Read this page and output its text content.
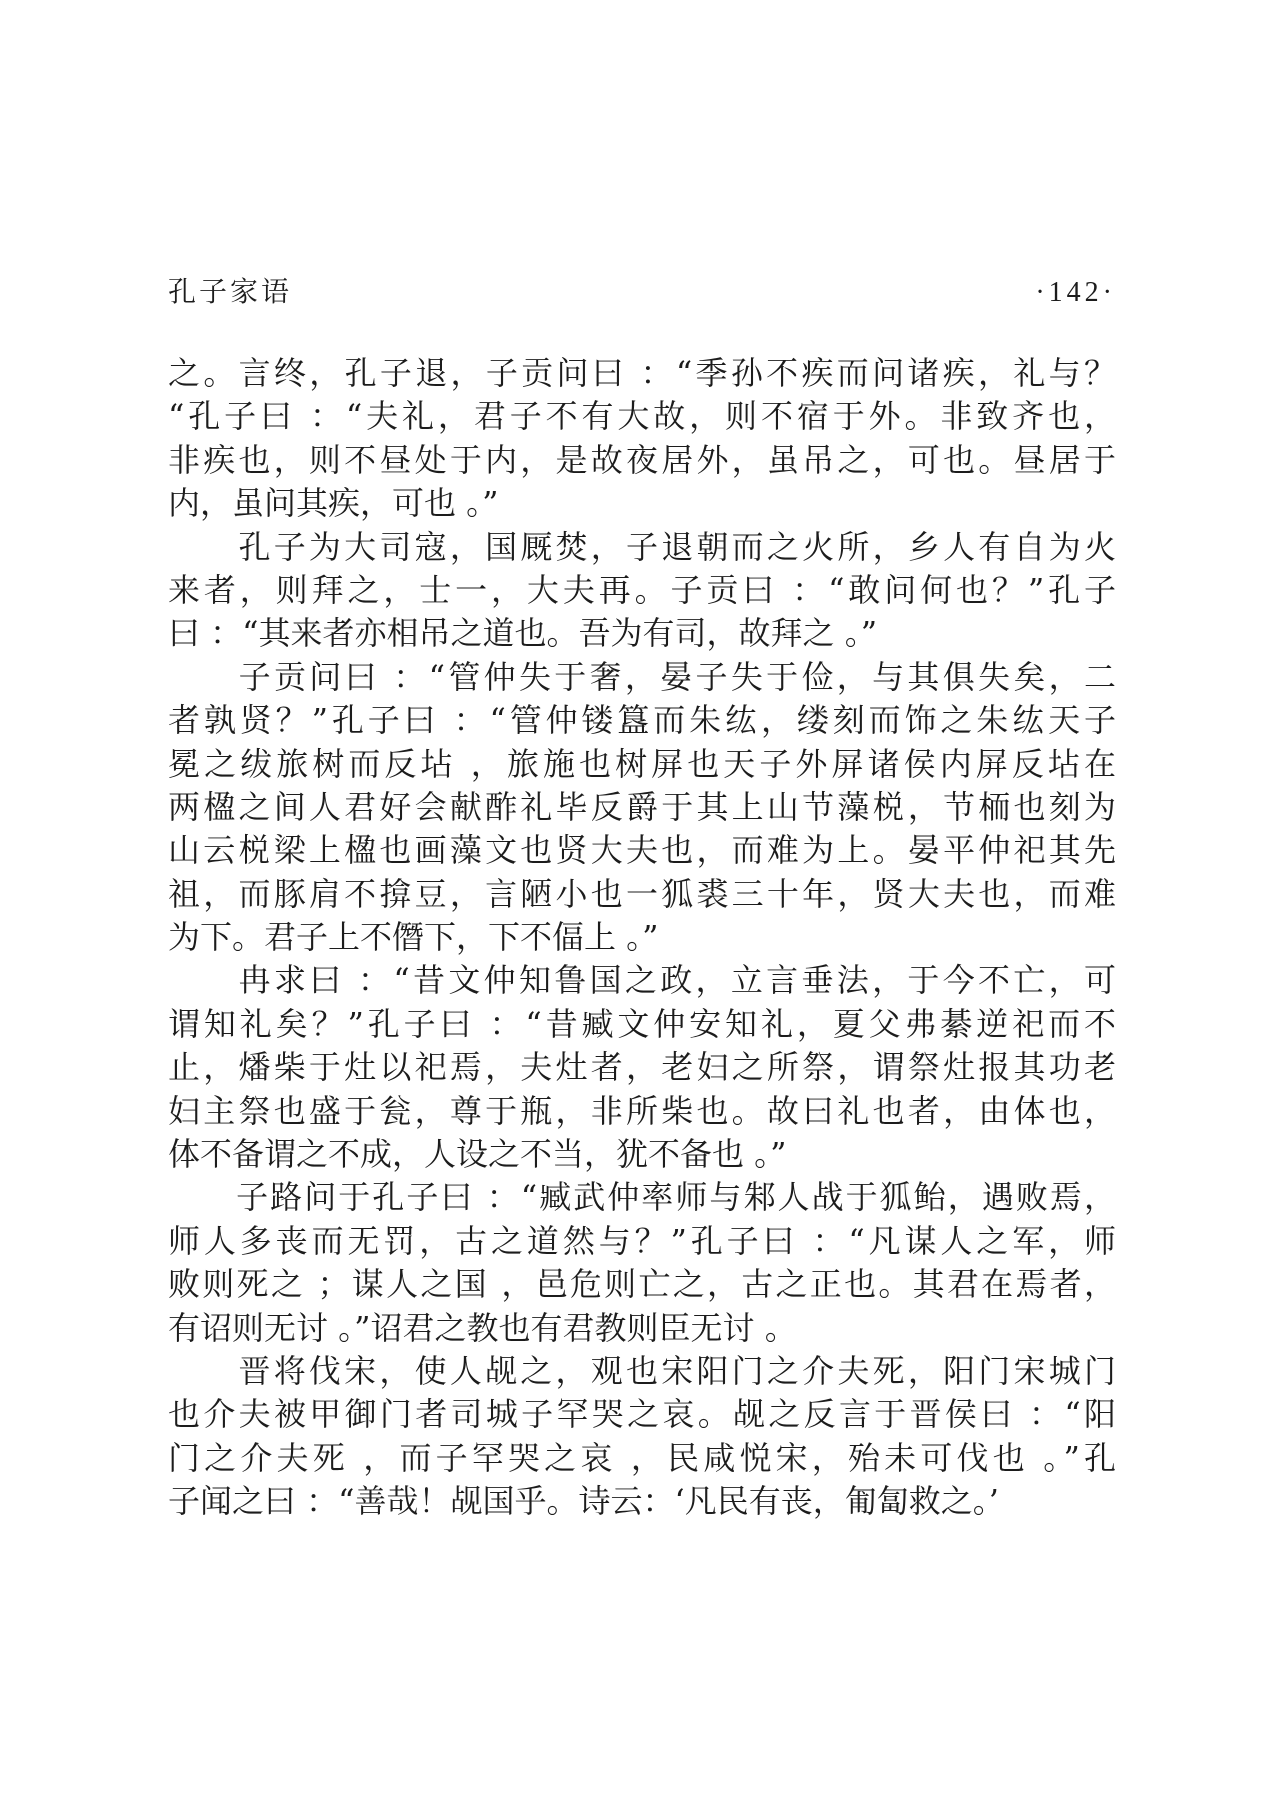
孔子家语	·142·
之。言终，孔子退，子贡问曰 ：“季孙不疾而问诸疾，礼与？
“孔子曰 ：“夫礼，君子不有大故，则不宿于外。非致齐也，
非疾也，则不昼处于内，是故夜居外，虽吊之，可也。昼居于
内，虽问其疾，可也 。”
　　孔子为大司寇，国厩焚，子退朝而之火所，乡人有自为火
来者，则拜之，士一，大夫再。子贡曰 ：“敢问何也？”孔子
曰 ：“其来者亦相吊之道也。吾为有司，故拜之 。”
　　子贡问曰 ：“管仲失于奢，晏子失于俭，与其俱失矣，二
者孰贤？”孔子曰 ：“管仲镂簋而朱纮，缕刻而饰之朱纮天子
冕之绂旅树而反坫 ，旅施也树屏也天子外屏诸侯内屏反坫在
两楹之间人君好会献酢礼毕反爵于其上山节藻棁，节栭也刻为
山云棁梁上楹也画藻文也贤大夫也，而难为上。晏平仲祀其先
祖，而豚肩不揜豆，言陋小也一狐裘三十年，贤大夫也，而难
为下。君子上不僭下，下不偪上 。”
　　冉求曰 ：“昔文仲知鲁国之政，立言垂法，于今不亡，可
谓知礼矣？”孔子曰 ：“昔臧文仲安知礼，夏父弗綦逆祀而不
止，燔柴于灶以祀焉，夫灶者，老妇之所祭，谓祭灶报其功老
妇主祭也盛于瓮，尊于瓶，非所柴也。故曰礼也者，由体也，
体不备谓之不成，人设之不当，犹不备也 。”
　　子路问于孔子曰 ：“臧武仲率师与邾人战于狐鲐，遇败焉，
师人多丧而无罚，古之道然与？”孔子曰 ：“凡谋人之军，师
败则死之 ；谋人之国 ，邑危则亡之，古之正也。其君在焉者，
有诏则无讨 。”诏君之教也有君教则臣无讨 。
　　晋将伐宋，使人觇之，观也宋阳门之介夫死，阳门宋城门
也介夫被甲御门者司城子罕哭之哀。觇之反言于晋侯曰 ：“阳
门之介夫死 ，而子罕哭之哀 ，民咸悦宋，殆未可伐也 。”孔
子闻之曰 ：“善哉！觇国乎。诗云：‘凡民有丧，匍匐救之。’
